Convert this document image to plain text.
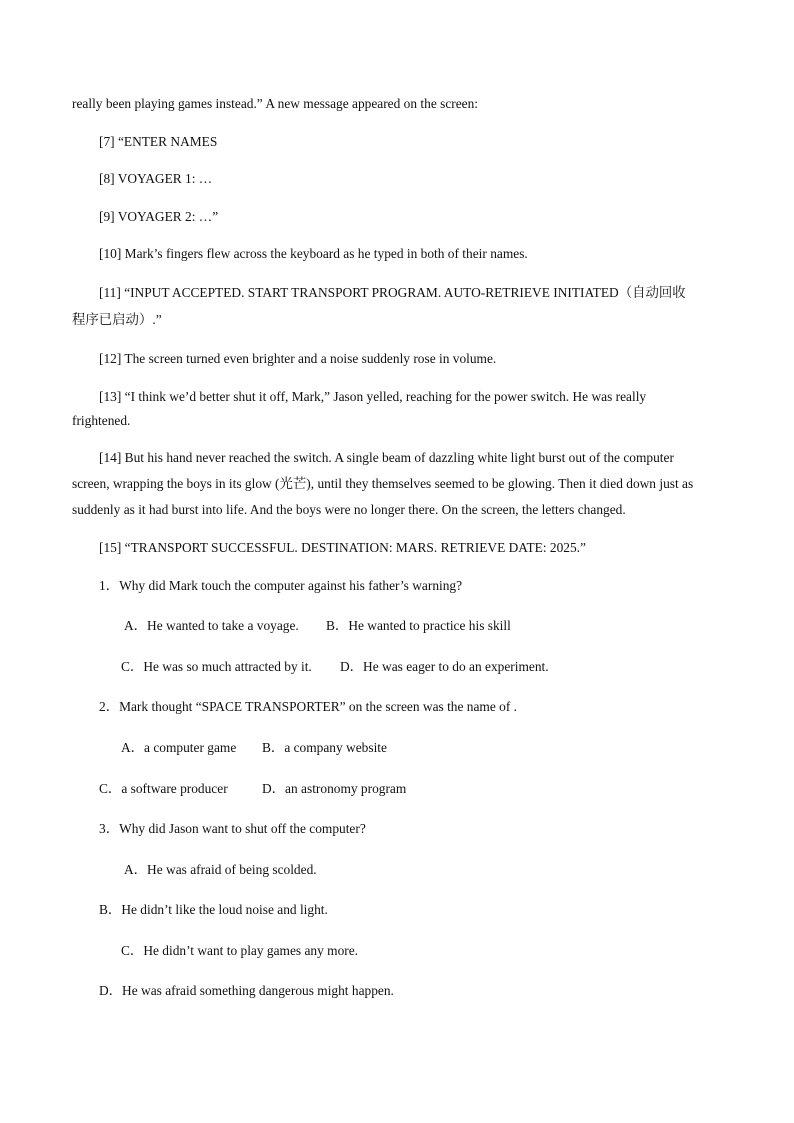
really been playing games instead.” A new message appeared on the screen:
[7] “ENTER NAMES
[8] VOYAGER 1: …
[9] VOYAGER 2: …”
[10] Mark’s fingers flew across the keyboard as he typed in both of their names.
[11] “INPUT ACCEPTED. START TRANSPORT PROGRAM. AUTO-RETRIEVE INITIATED（自动回收
程序已启动）.”
[12] The screen turned even brighter and a noise suddenly rose in volume.
[13] “I think we’d better shut it off, Mark,” Jason yelled, reaching for the power switch. He was really
frightened.
[14] But his hand never reached the switch. A single beam of dazzling white light burst out of the computer
screen, wrapping the boys in its glow (光芒), until they themselves seemed to be glowing. Then it died down just as
suddenly as it had burst into life. And the boys were no longer there. On the screen, the letters changed.
[15] “TRANSPORT SUCCESSFUL. DESTINATION: MARS. RETRIEVE DATE: 2025.”
1．Why did Mark touch the computer against his father’s warning?
A．He wanted to take a voyage. B．He wanted to practice his skill
C．He was so much attracted by it. D．He was eager to do an experiment.
2．Mark thought “SPACE TRANSPORTER” on the screen was the name of .
A．a computer game B．a company website
C．a software producer	D．an astronomy program
3．Why did Jason want to shut off the computer?
A．He was afraid of being scolded.
B．He didn’t like the loud noise and light.
C．He didn’t want to play games any more.
D．He was afraid something dangerous might happen.
